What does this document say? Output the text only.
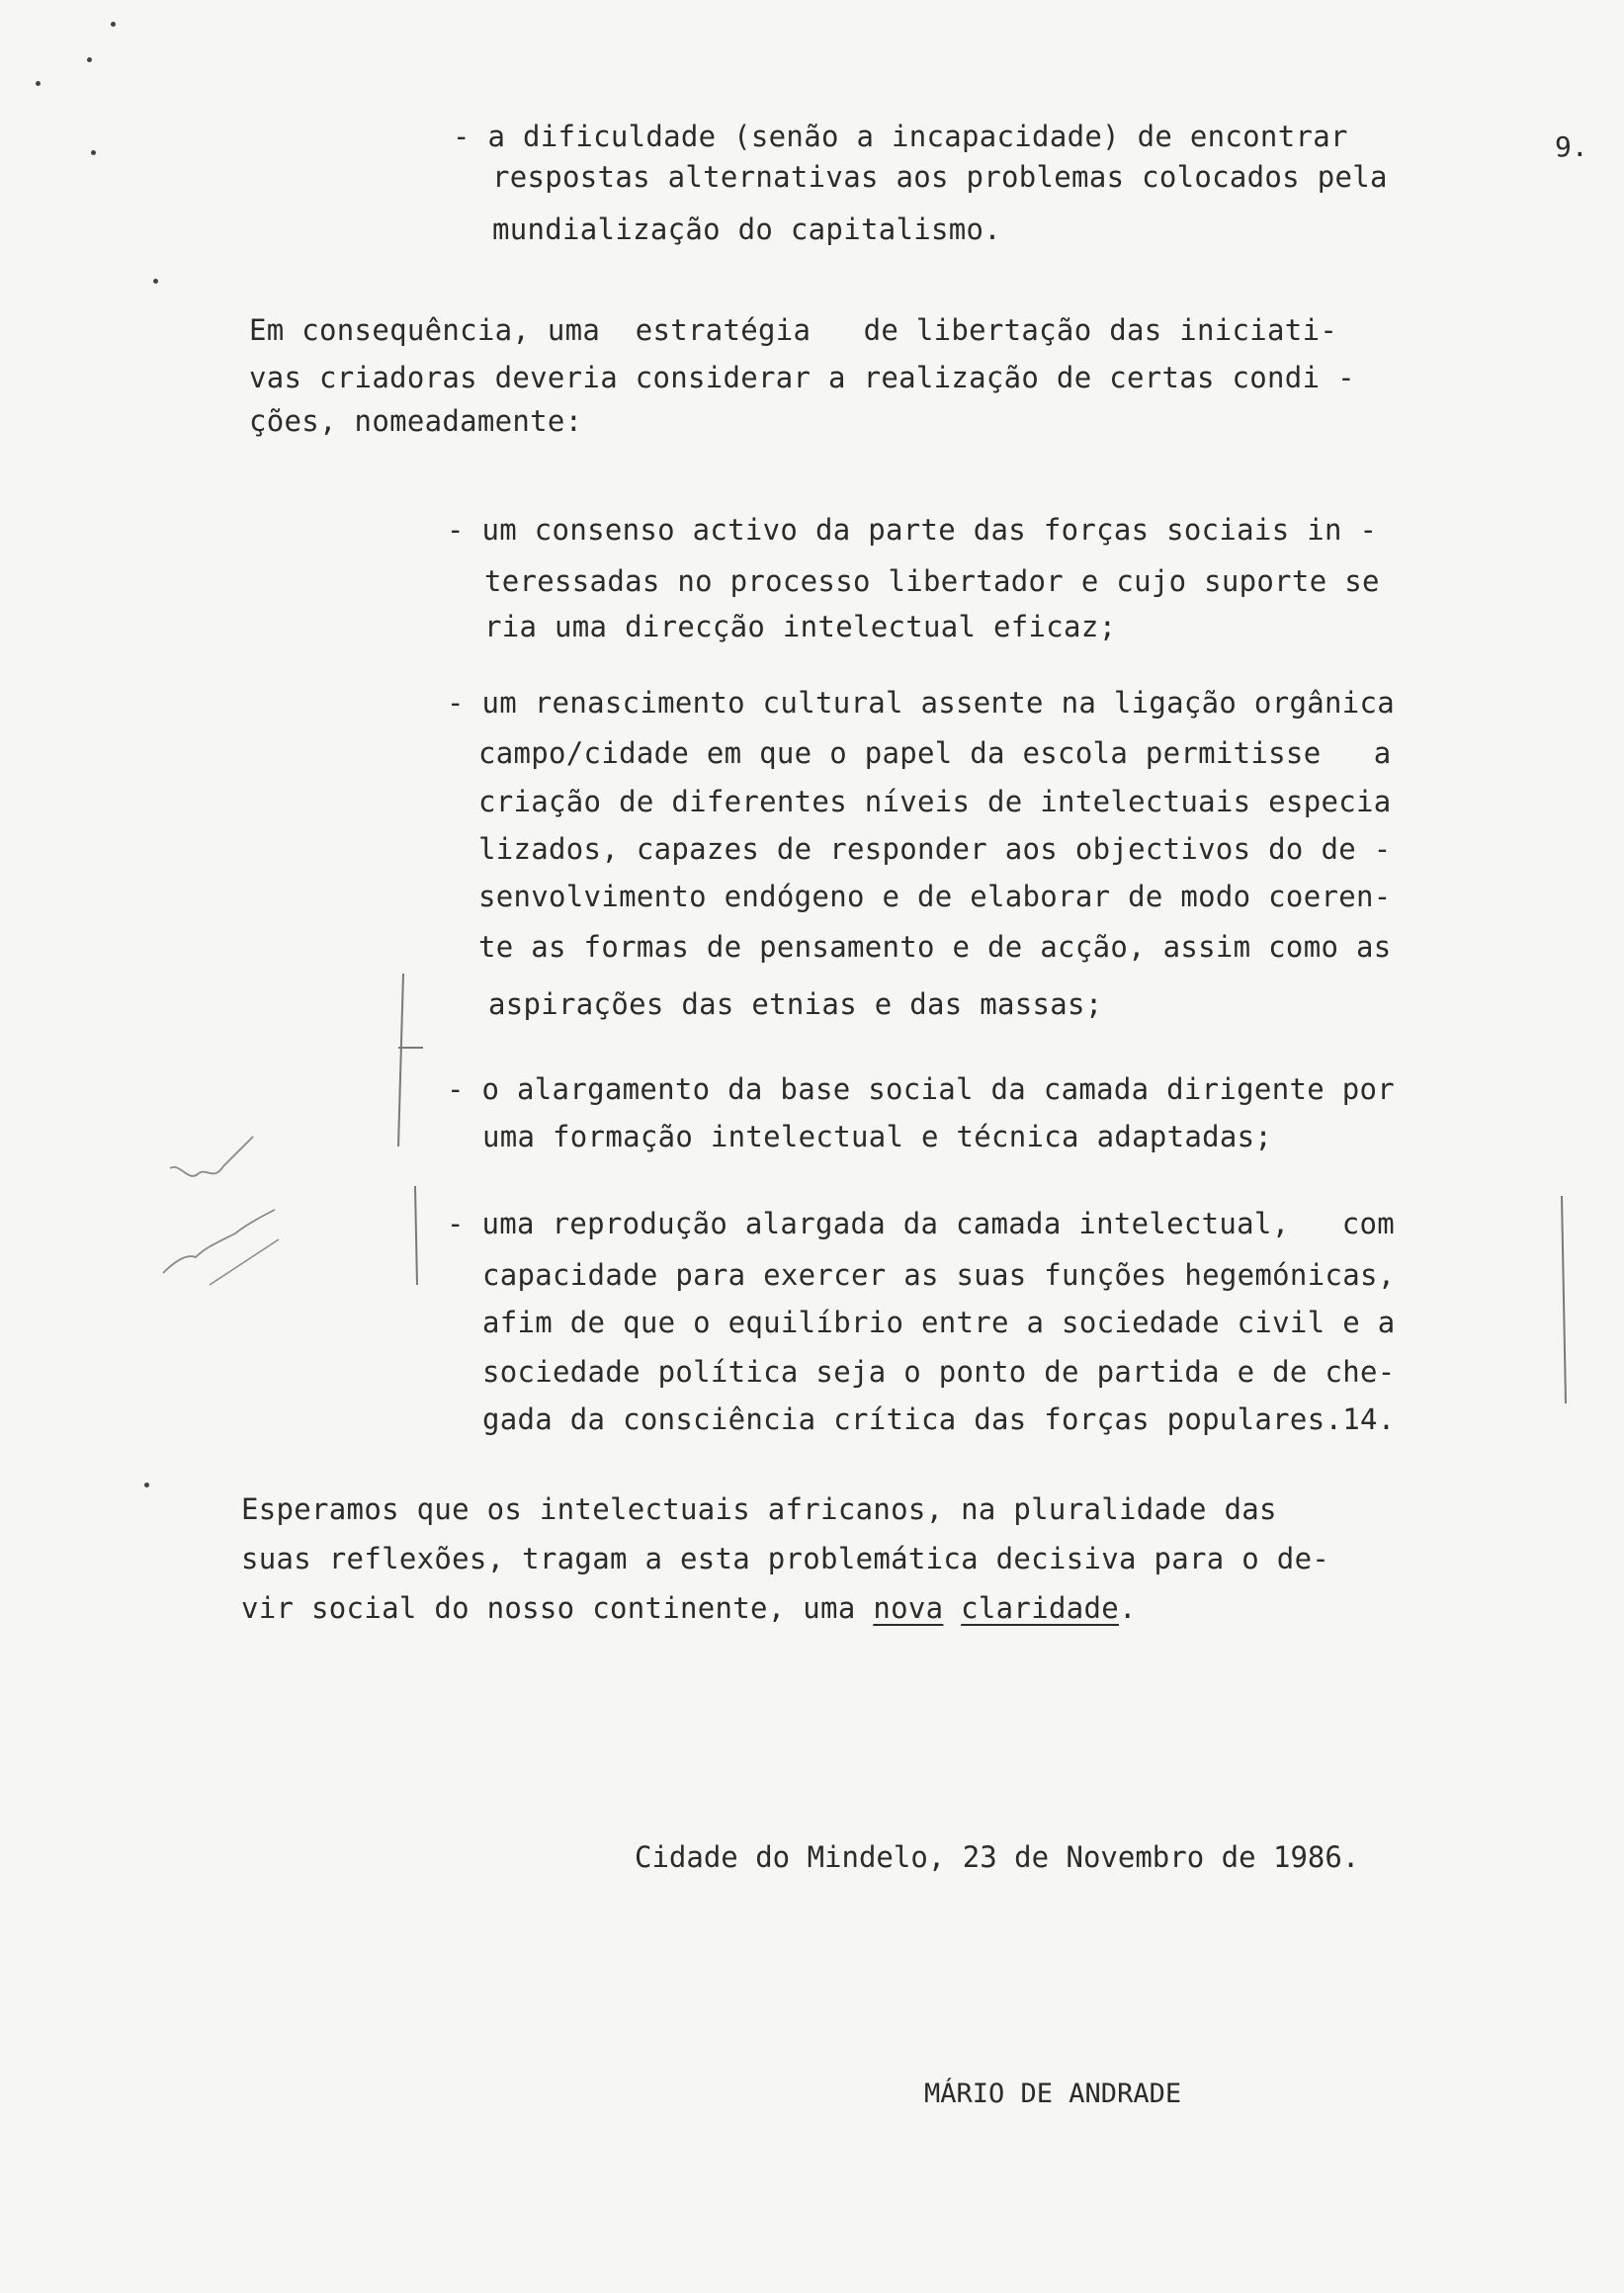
9.
- a dificuldade (senão a incapacidade) de encontrar
respostas alternativas aos problemas colocados pela
mundialização do capitalismo.
Em consequência, uma  estratégia   de libertação das iniciati-
vas criadoras deveria considerar a realização de certas condi -
ções, nomeadamente:
- um consenso activo da parte das forças sociais in -
teressadas no processo libertador e cujo suporte se
ria uma direcção intelectual eficaz;
- um renascimento cultural assente na ligação orgânica
campo/cidade em que o papel da escola permitisse   a
criação de diferentes níveis de intelectuais especia
lizados, capazes de responder aos objectivos do de -
senvolvimento endógeno e de elaborar de modo coeren-
te as formas de pensamento e de acção, assim como as
aspirações das etnias e das massas;
- o alargamento da base social da camada dirigente por
uma formação intelectual e técnica adaptadas;
- uma reprodução alargada da camada intelectual,   com
capacidade para exercer as suas funções hegemónicas,
afim de que o equilíbrio entre a sociedade civil e a
sociedade política seja o ponto de partida e de che-
gada da consciência crítica das forças populares.14.
Esperamos que os intelectuais africanos, na pluralidade das
suas reflexões, tragam a esta problemática decisiva para o de-
vir social do nosso continente, uma nova claridade.
Cidade do Mindelo, 23 de Novembro de 1986.
MÁRIO DE ANDRADE
